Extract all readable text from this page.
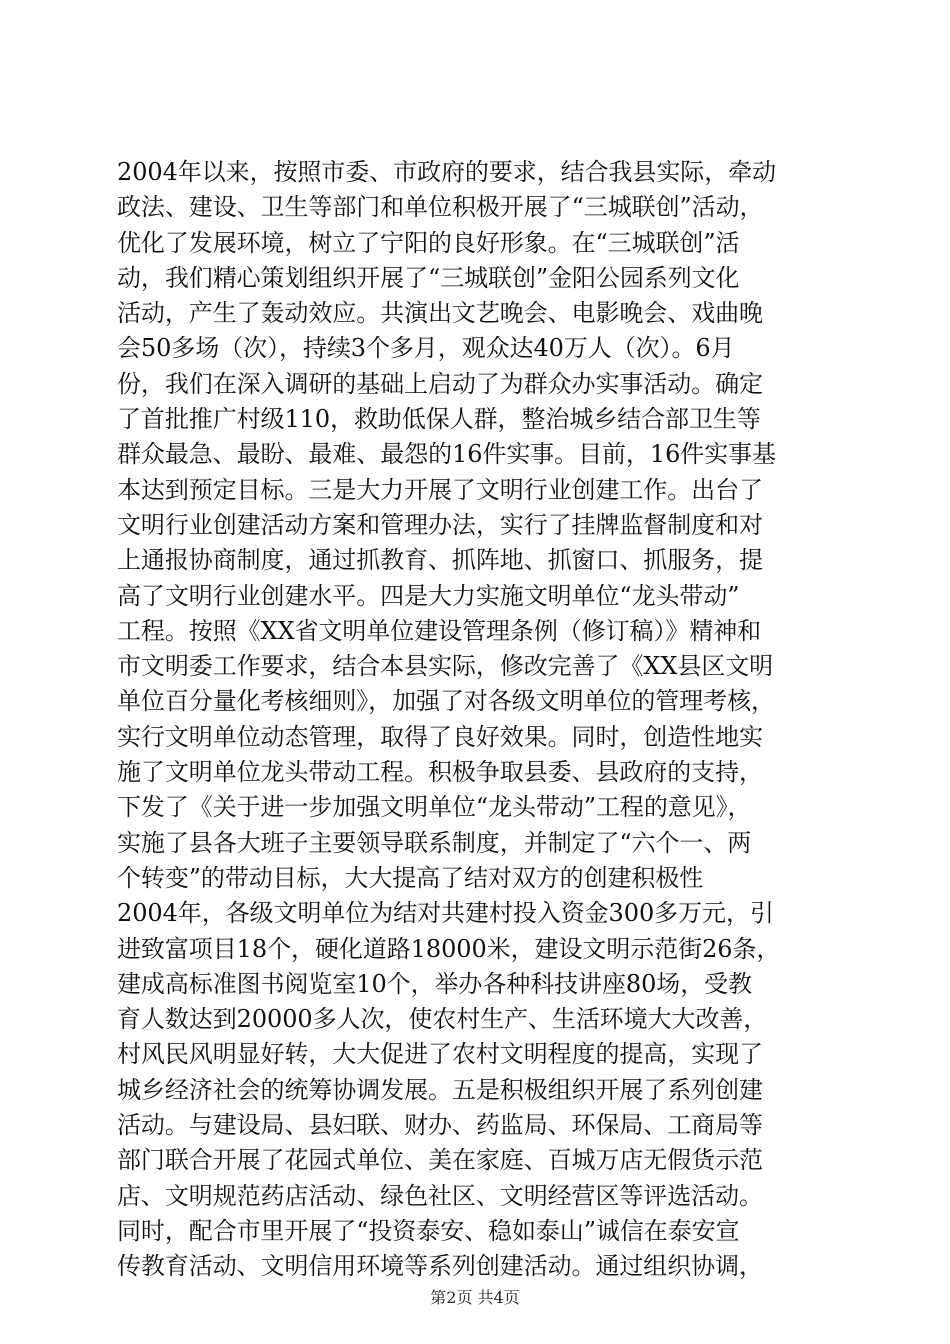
2004年以来，按照市委、市政府的要求，结合我县实际，牵动
政法、建设、卫生等部门和单位积极开展了“三城联创”活动，
优化了发展环境，树立了宁阳的良好形象。在“三城联创”活
动，我们精心策划组织开展了“三城联创”金阳公园系列文化
活动，产生了轰动效应。共演出文艺晚会、电影晚会、戏曲晚
会50多场（次），持续3个多月，观众达40万人（次）。6月
份，我们在深入调研的基础上启动了为群众办实事活动。确定
了首批推广村级110，救助低保人群，整治城乡结合部卫生等
群众最急、最盼、最难、最怨的16件实事。目前，16件实事基
本达到预定目标。三是大力开展了文明行业创建工作。出台了
文明行业创建活动方案和管理办法，实行了挂牌监督制度和对
上通报协商制度，通过抓教育、抓阵地、抓窗口、抓服务，提
高了文明行业创建水平。四是大力实施文明单位“龙头带动”
工程。按照《XX省文明单位建设管理条例（修订稿）》精神和
市文明委工作要求，结合本县实际，修改完善了《XX县区文明
单位百分量化考核细则》，加强了对各级文明单位的管理考核，
实行文明单位动态管理，取得了良好效果。同时，创造性地实
施了文明单位龙头带动工程。积极争取县委、县政府的支持，
下发了《关于进一步加强文明单位“龙头带动”工程的意见》，
实施了县各大班子主要领导联系制度，并制定了“六个一、两
个转变”的带动目标，大大提高了结对双方的创建积极性
2004年，各级文明单位为结对共建村投入资金300多万元，引
进致富项目18个，硬化道路18000米，建设文明示范街26条，
建成高标准图书阅览室10个，举办各种科技讲座80场，受教
育人数达到20000多人次，使农村生产、生活环境大大改善，
村风民风明显好转，大大促进了农村文明程度的提高，实现了
城乡经济社会的统筹协调发展。五是积极组织开展了系列创建
活动。与建设局、县妇联、财办、药监局、环保局、工商局等
部门联合开展了花园式单位、美在家庭、百城万店无假货示范
店、文明规范药店活动、绿色社区、文明经营区等评选活动。
同时，配合市里开展了“投资泰安、稳如泰山”诚信在泰安宣
传教育活动、文明信用环境等系列创建活动。通过组织协调，
第2页 共4页
